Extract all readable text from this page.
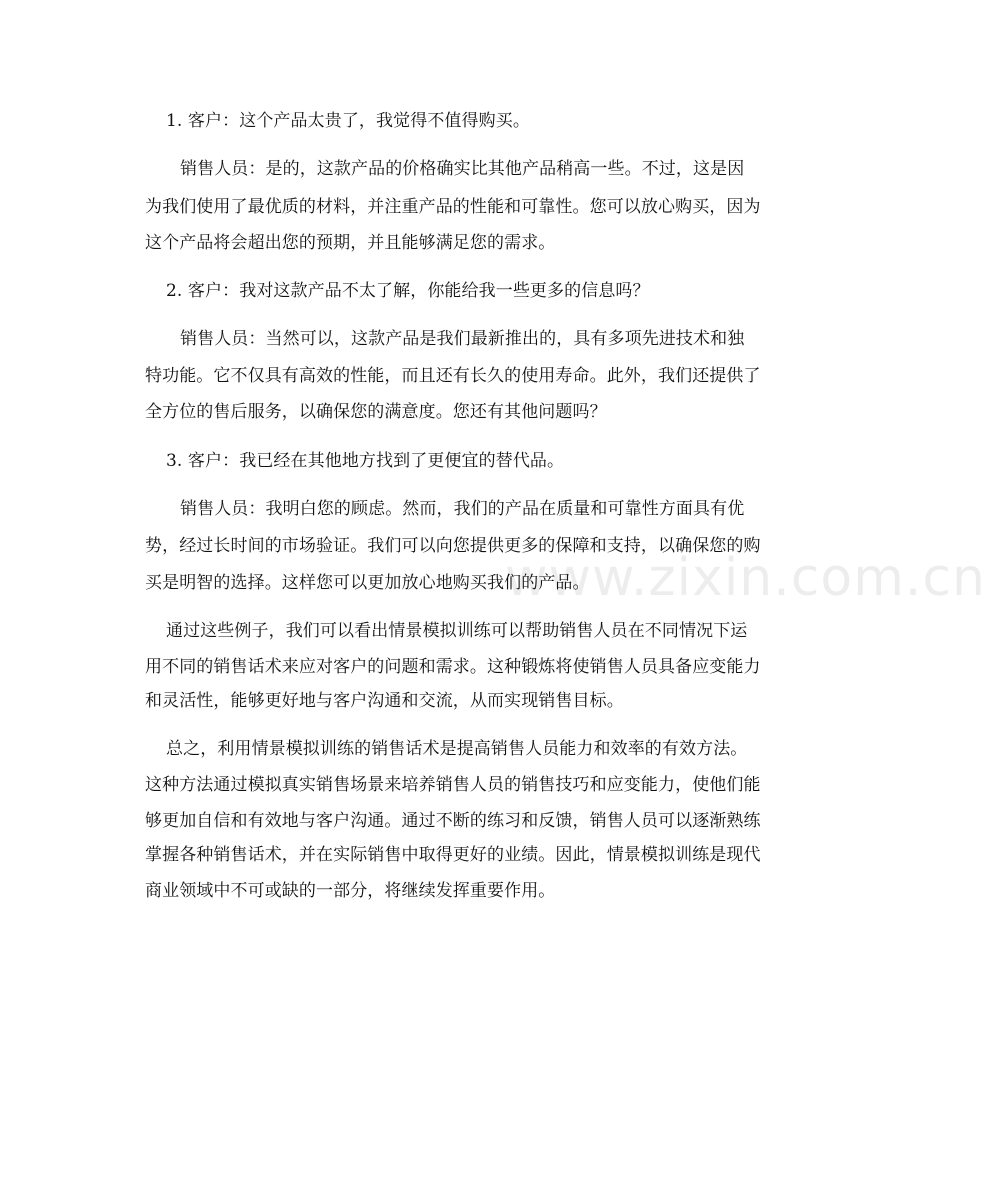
www.zixin.com.cn
1. 客户：这个产品太贵了，我觉得不值得购买。
销售人员：是的，这款产品的价格确实比其他产品稍高一些。不过，这是因
为我们使用了最优质的材料，并注重产品的性能和可靠性。您可以放心购买，因为
这个产品将会超出您的预期，并且能够满足您的需求。
2. 客户：我对这款产品不太了解，你能给我一些更多的信息吗？
销售人员：当然可以，这款产品是我们最新推出的，具有多项先进技术和独
特功能。它不仅具有高效的性能，而且还有长久的使用寿命。此外，我们还提供了
全方位的售后服务，以确保您的满意度。您还有其他问题吗？
3. 客户：我已经在其他地方找到了更便宜的替代品。
销售人员：我明白您的顾虑。然而，我们的产品在质量和可靠性方面具有优
势，经过长时间的市场验证。我们可以向您提供更多的保障和支持，以确保您的购
买是明智的选择。这样您可以更加放心地购买我们的产品。
通过这些例子，我们可以看出情景模拟训练可以帮助销售人员在不同情况下运
用不同的销售话术来应对客户的问题和需求。这种锻炼将使销售人员具备应变能力
和灵活性，能够更好地与客户沟通和交流，从而实现销售目标。
总之，利用情景模拟训练的销售话术是提高销售人员能力和效率的有效方法。
这种方法通过模拟真实销售场景来培养销售人员的销售技巧和应变能力，使他们能
够更加自信和有效地与客户沟通。通过不断的练习和反馈，销售人员可以逐渐熟练
掌握各种销售话术，并在实际销售中取得更好的业绩。因此，情景模拟训练是现代
商业领域中不可或缺的一部分，将继续发挥重要作用。
